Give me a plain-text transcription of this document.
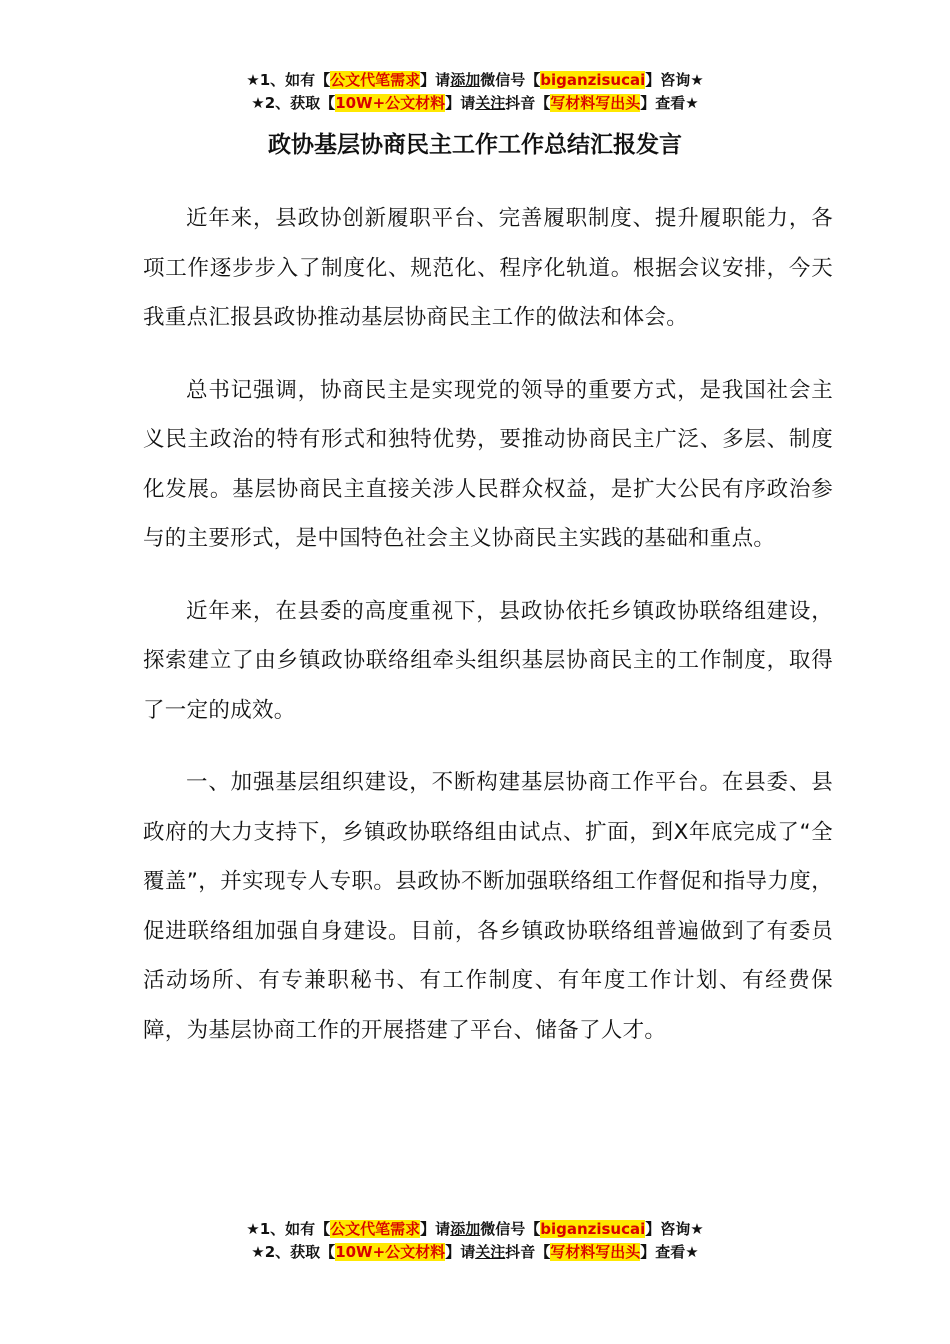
★1、如有【公文代笔需求】请添加微信号【biganzisucai】咨询★
★2、获取【10W+公文材料】请关注抖音【写材料写出头】查看★
政协基层协商民主工作工作总结汇报发言

近年来，县政协创新履职平台、完善履职制度、提升履职能力，各项工作逐步步入了制度化、规范化、程序化轨道。根据会议安排，今天我重点汇报县政协推动基层协商民主工作的做法和体会。

总书记强调，协商民主是实现党的领导的重要方式，是我国社会主义民主政治的特有形式和独特优势，要推动协商民主广泛、多层、制度化发展。基层协商民主直接关涉人民群众权益，是扩大公民有序政治参与的主要形式，是中国特色社会主义协商民主实践的基础和重点。

近年来，在县委的高度重视下，县政协依托乡镇政协联络组建设，探索建立了由乡镇政协联络组牵头组织基层协商民主的工作制度，取得了一定的成效。

一、加强基层组织建设，不断构建基层协商工作平台。在县委、县政府的大力支持下，乡镇政协联络组由试点、扩面，到X年底完成了“全覆盖”，并实现专人专职。县政协不断加强联络组工作督促和指导力度，促进联络组加强自身建设。目前，各乡镇政协联络组普遍做到了有委员活动场所、有专兼职秘书、有工作制度、有年度工作计划、有经费保障，为基层协商工作的开展搭建了平台、储备了人才。

★1、如有【公文代笔需求】请添加微信号【biganzisucai】咨询★
★2、获取【10W+公文材料】请关注抖音【写材料写出头】查看★
